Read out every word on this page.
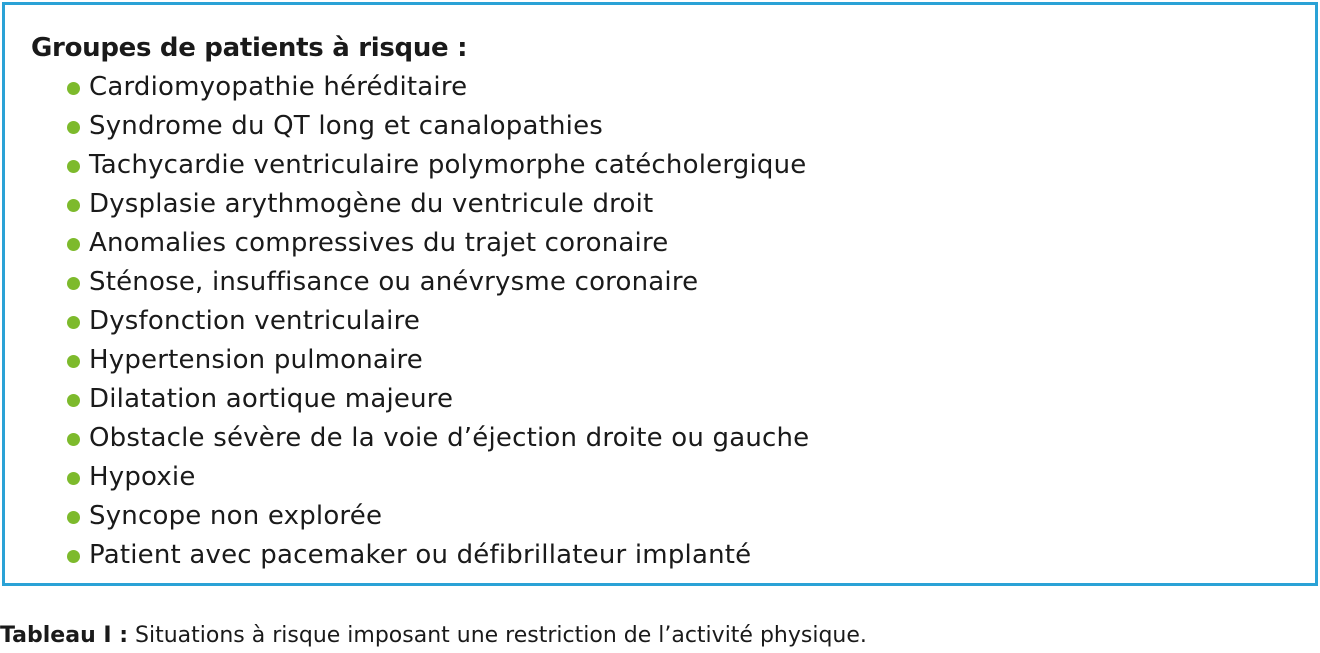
Groupes de patients à risque :
Cardiomyopathie héréditaire
Syndrome du QT long et canalopathies
Tachycardie ventriculaire polymorphe catécholergique
Dysplasie arythmogène du ventricule droit
Anomalies compressives du trajet coronaire
Sténose, insuffisance ou anévrysme coronaire
Dysfonction ventriculaire
Hypertension pulmonaire
Dilatation aortique majeure
Obstacle sévère de la voie d’éjection droite ou gauche
Hypoxie
Syncope non explorée
Patient avec pacemaker ou défibrillateur implanté
Tableau I : Situations à risque imposant une restriction de l’activité physique.
